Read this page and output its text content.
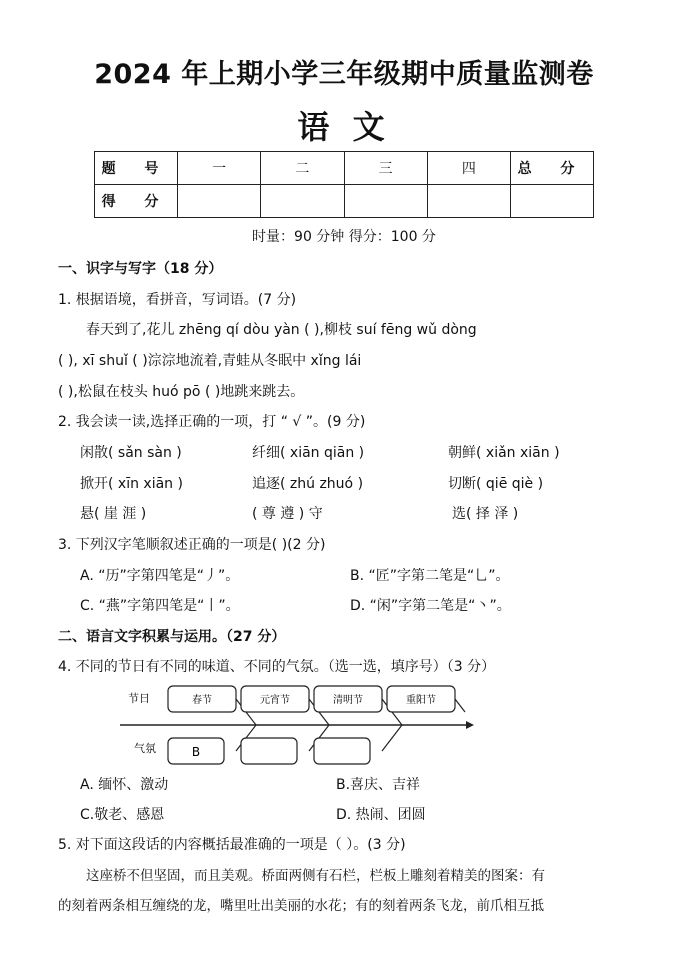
2024 年上期小学三年级期中质量监测卷
语 文
题 号	一	二	三	四	总 分
得 分					
时量：90 分钟 得分：100 分
一、识字与写字（18 分）
1. 根据语境，看拼音，写词语。(7 分)
春天到了,花儿 zhēng qí dòu yàn ( ),柳枝 suí fēng wǔ dòng
( ), xī shuǐ ( )淙淙地流着,青蛙从冬眠中 xǐng lái
( ),松鼠在枝头 huó pō ( )地跳来跳去。
2. 我会读一读,选择正确的一项，打 “ √ ”。(9 分)
闲散( sǎn sàn )	纤细( xiān qiān )	朝鲜( xiǎn xiān )
掀开( xīn xiān )	追逐( zhú zhuó )	切断( qiē qiè )
悬( 崖 涯 )	( 尊 遵 ) 守	选( 择 泽 )
3. 下列汉字笔顺叙述正确的一项是( )(2 分)
A. “历”字第四笔是“丿”。	B. “匠”字第二笔是“乚”。
C. “燕”字第四笔是“丨”。	D. “闲”字第二笔是“丶”。
二、语言文字积累与运用。（27 分）
4. 不同的节日有不同的味道、不同的气氛。（选一选，填序号）（3 分）
节日
气氛
春节
B
元宵节	清明节	重阳节
A. 缅怀、激动	B.喜庆、吉祥
C.敬老、感恩	D. 热闹、团圆
5. 对下面这段话的内容概括最准确的一项是（ ）。(3 分)
这座桥不但坚固，而且美观。桥面两侧有石栏，栏板上雕刻着精美的图案：有
的刻着两条相互缠绕的龙，嘴里吐出美丽的水花；有的刻着两条飞龙，前爪相互抵
